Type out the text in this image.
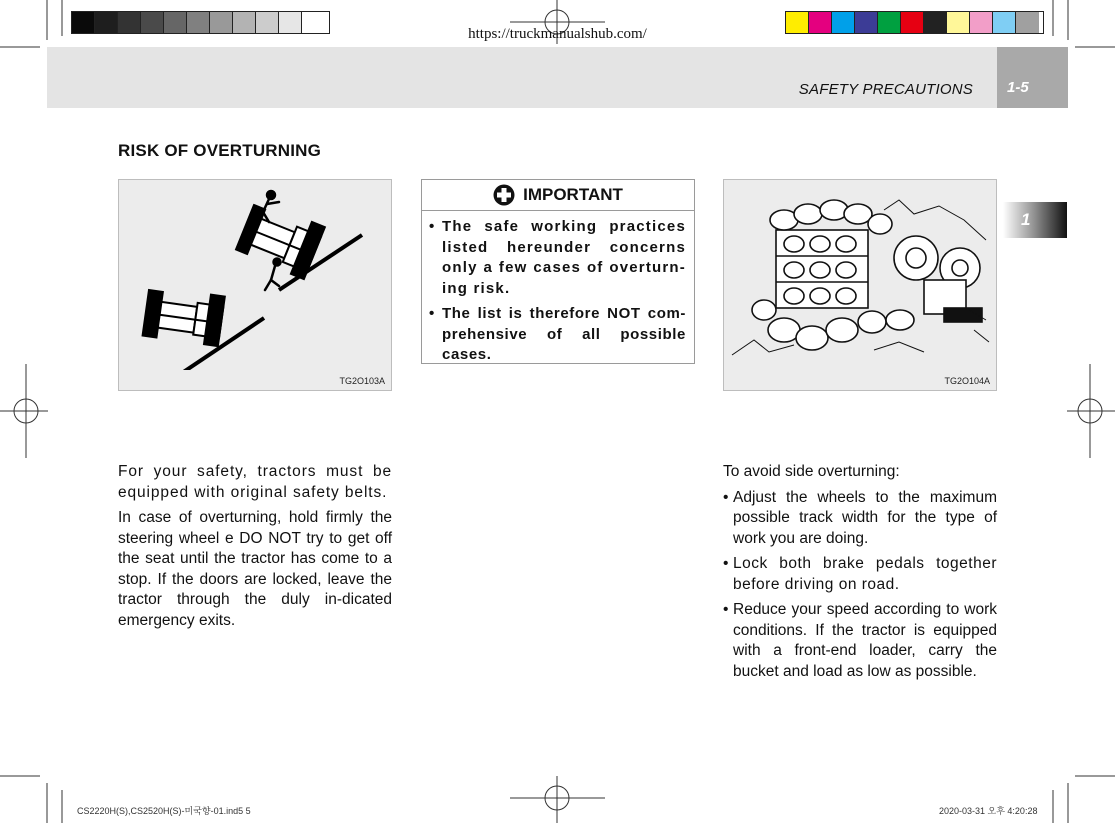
https://truckmanualshub.com/
SAFETY PRECAUTIONS 1-5
1
RISK OF OVERTURNING
TG2O103A
IMPORTANT
• The safe working practices listed hereunder concerns only a few cases of overturn-ing risk.
• The list is therefore NOT com-prehensive of all possible cases.
TG2O104A

For your safety, tractors must be equipped with original safety belts.

In case of overturning, hold firmly the steering wheel e DO NOT try to get off the seat until the tractor has come to a stop. If the doors are locked, leave the tractor through the duly in-dicated emergency exits.

To avoid side overturning:

• Adjust the wheels to the maximum possible track width for the type of work you are doing.
• Lock both brake pedals together before driving on road.
• Reduce your speed according to work conditions. If the tractor is equipped with a front-end loader, carry the bucket and load as low as possible.
CS2220H(S),CS2520H(S)-미국향-01.ind5 5	2020-03-31 오후 4:20:28
